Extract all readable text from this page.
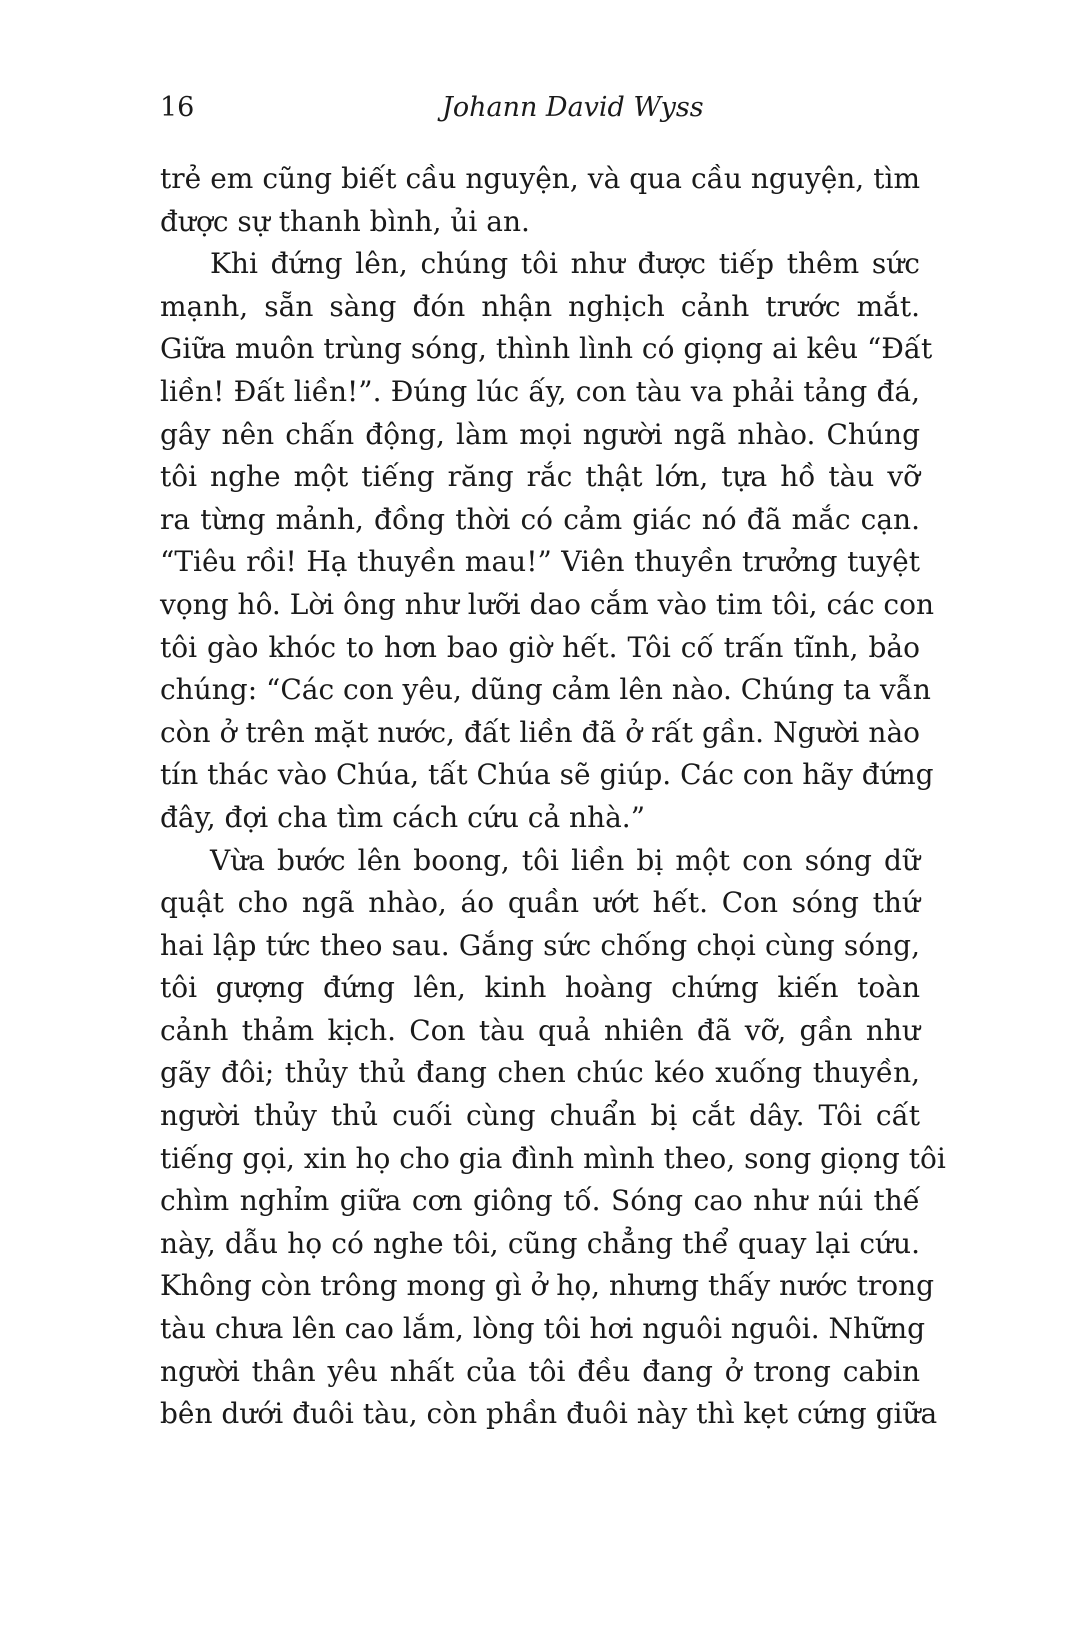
16	Johann David Wyss
trẻ em cũng biết cầu nguyện, và qua cầu nguyện, tìm
được sự thanh bình, ủi an.
Khi đứng lên, chúng tôi như được tiếp thêm sức
mạnh, sẵn sàng đón nhận nghịch cảnh trước mắt.
Giữa muôn trùng sóng, thình lình có giọng ai kêu “Đất
liền! Đất liền!”. Đúng lúc ấy, con tàu va phải tảng đá,
gây nên chấn động, làm mọi người ngã nhào. Chúng
tôi nghe một tiếng răng rắc thật lớn, tựa hồ tàu vỡ
ra từng mảnh, đồng thời có cảm giác nó đã mắc cạn.
“Tiêu rồi! Hạ thuyền mau!” Viên thuyền trưởng tuyệt
vọng hô. Lời ông như lưỡi dao cắm vào tim tôi, các con
tôi gào khóc to hơn bao giờ hết. Tôi cố trấn tĩnh, bảo
chúng: “Các con yêu, dũng cảm lên nào. Chúng ta vẫn
còn ở trên mặt nước, đất liền đã ở rất gần. Người nào
tín thác vào Chúa, tất Chúa sẽ giúp. Các con hãy đứng
đây, đợi cha tìm cách cứu cả nhà.”
Vừa bước lên boong, tôi liền bị một con sóng dữ
quật cho ngã nhào, áo quần ướt hết. Con sóng thứ
hai lập tức theo sau. Gắng sức chống chọi cùng sóng,
tôi gượng đứng lên, kinh hoàng chứng kiến toàn
cảnh thảm kịch. Con tàu quả nhiên đã vỡ, gần như
gãy đôi; thủy thủ đang chen chúc kéo xuống thuyền,
người thủy thủ cuối cùng chuẩn bị cắt dây. Tôi cất
tiếng gọi, xin họ cho gia đình mình theo, song giọng tôi
chìm nghỉm giữa cơn giông tố. Sóng cao như núi thế
này, dẫu họ có nghe tôi, cũng chẳng thể quay lại cứu.
Không còn trông mong gì ở họ, nhưng thấy nước trong
tàu chưa lên cao lắm, lòng tôi hơi nguôi nguôi. Những
người thân yêu nhất của tôi đều đang ở trong cabin
bên dưới đuôi tàu, còn phần đuôi này thì kẹt cứng giữa
